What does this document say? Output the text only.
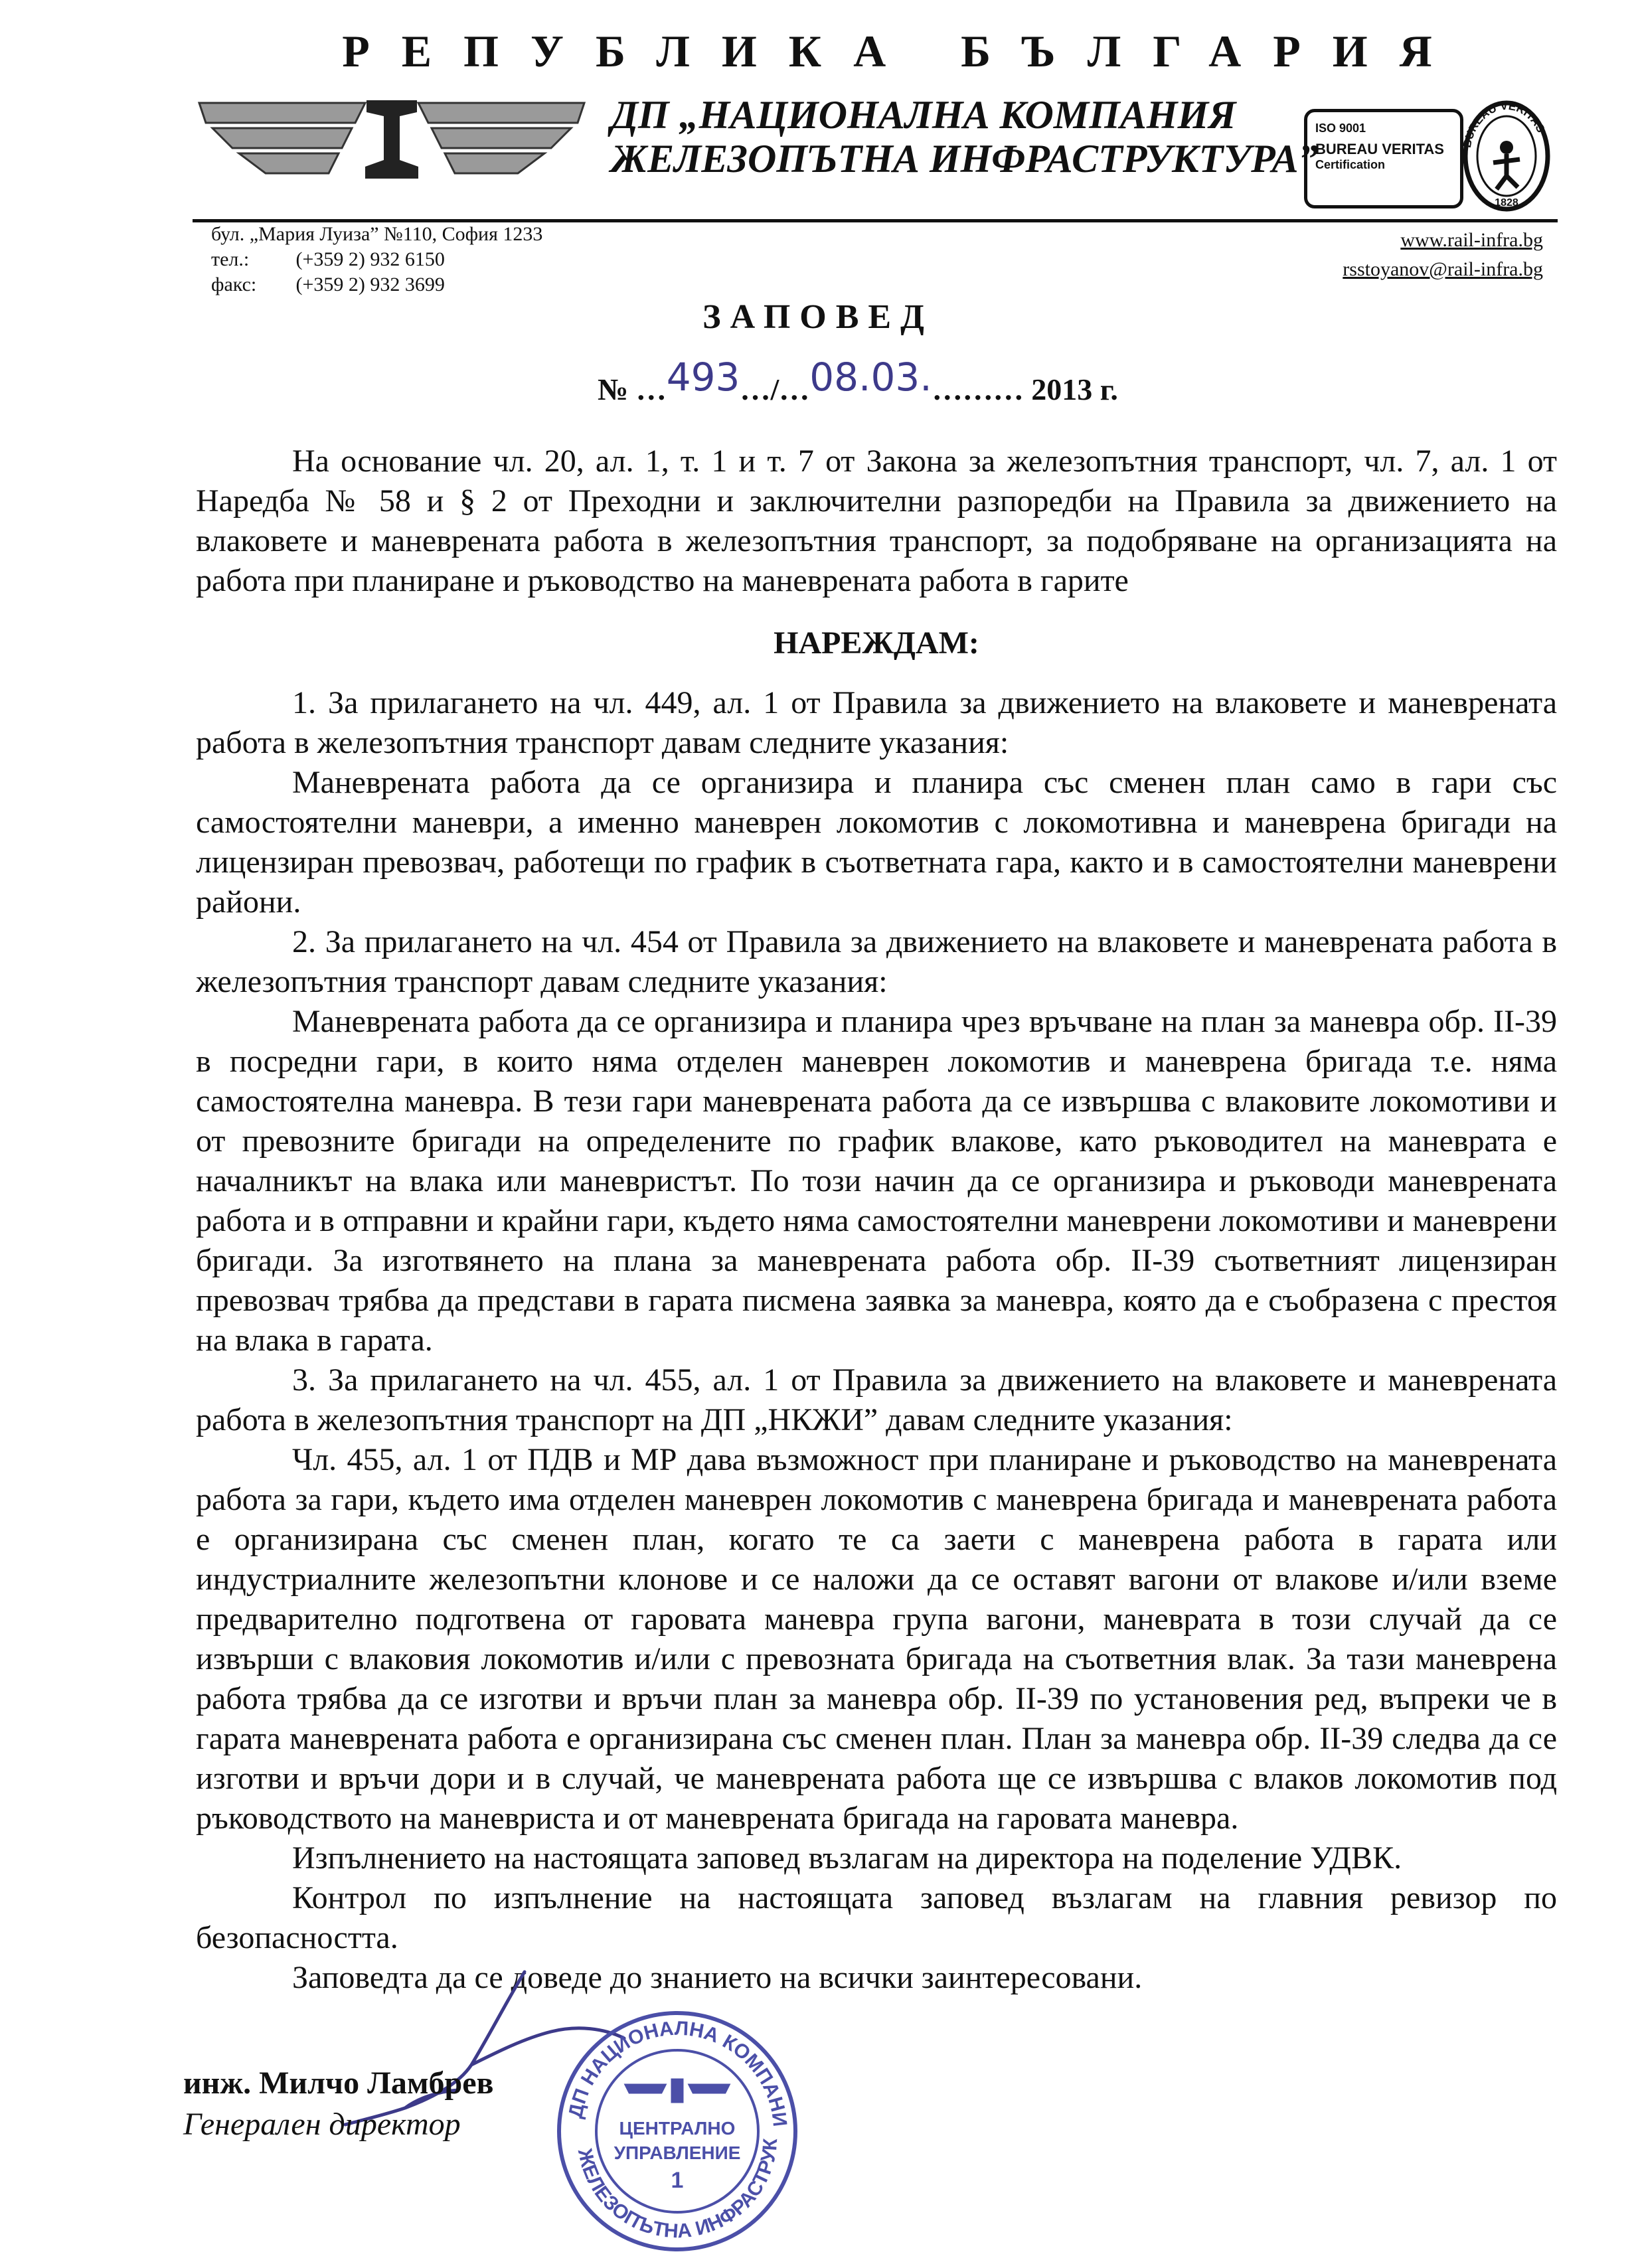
РЕПУБЛИКА БЪЛГАРИЯ
ДП „НАЦИОНАЛНА КОМПАНИЯ
ЖЕЛЕЗОПЪТНА ИНФРАСТРУКТУРА”
ISO 9001
BUREAU VERITAS
Certification
BUREAU VERITAS
1828
бул. „Мария Луиза” №110, София 1233
тел.: (+359 2) 932 6150
факс: (+359 2) 932 3699
www.rail-infra.bg
rsstoyanov@rail-infra.bg
ЗАПОВЕД
№ …493…/…08.03.……… 2013 г.

На основание чл. 20, ал. 1, т. 1 и т. 7 от Закона за железопътния транспорт, чл. 7, ал. 1 от Наредба № 58 и § 2 от Преходни и заключителни разпоредби на Правила за движението на влаковете и маневрената работа в железопътния транспорт, за подобряване на организацията на работа при планиране и ръководство на маневрената работа в гарите

НАРЕЖДАМ:

1. За прилагането на чл. 449, ал. 1 от Правила за движението на влаковете и маневрената работа в железопътния транспорт давам следните указания:

Маневрената работа да се организира и планира със сменен план само в гари със самостоятелни маневри, а именно маневрен локомотив с локомотивна и маневрена бригади на лицензиран превозвач, работещи по график в съответната гара, както и в самостоятелни маневрени райони.

2. За прилагането на чл. 454 от Правила за движението на влаковете и маневрената работа в железопътния транспорт давам следните указания:

Маневрената работа да се организира и планира чрез връчване на план за маневра обр. II-39 в посредни гари, в които няма отделен маневрен локомотив и маневрена бригада т.е. няма самостоятелна маневра. В тези гари маневрената работа да се извършва с влаковите локомотиви и от превозните бригади на определените по график влакове, като ръководител на маневрата е началникът на влака или маневристът. По този начин да се организира и ръководи маневрената работа и в отправни и крайни гари, където няма самостоятелни маневрени локомотиви и маневрени бригади. За изготвянето на плана за маневрената работа обр. II-39 съответният лицензиран превозвач трябва да представи в гарата писмена заявка за маневра, която да е съобразена с престоя на влака в гарата.

3. За прилагането на чл. 455, ал. 1 от Правила за движението на влаковете и маневрената работа в железопътния транспорт на ДП „НКЖИ” давам следните указания:

Чл. 455, ал. 1 от ПДВ и МР дава възможност при планиране и ръководство на маневрената работа за гари, където има отделен маневрен локомотив с маневрена бригада и маневрената работа е организирана със сменен план, когато те са заети с маневрена работа в гарата или индустриалните железопътни клонове и се наложи да се оставят вагони от влакове и/или вземе предварително подготвена от гаровата маневра група вагони, маневрата в този случай да се извърши с влаковия локомотив и/или с превозната бригада на съответния влак. За тази маневрена работа трябва да се изготви и връчи план за маневра обр. II-39 по установения ред, въпреки че в гарата маневрената работа е организирана със сменен план. План за маневра обр. II-39 следва да се изготви и връчи дори и в случай, че маневрената работа ще се извършва с влаков локомотив под ръководството на маневриста и от маневрената бригада на гаровата маневра.

Изпълнението на настоящата заповед възлагам на директора на поделение УДВК.

Контрол по изпълнение на настоящата заповед възлагам на главния ревизор по безопасността.

Заповедта да се доведе до знанието на всички заинтересовани.

инж. Милчо Ламбрев
Генерален директор	ДП НАЦИОНАЛНА КОМПАНИ
ЖЕЛЕЗОПЪТНА ИНФРАСТРУК
ЦЕНТРАЛНО
УПРАВЛЕНИЕ
1
